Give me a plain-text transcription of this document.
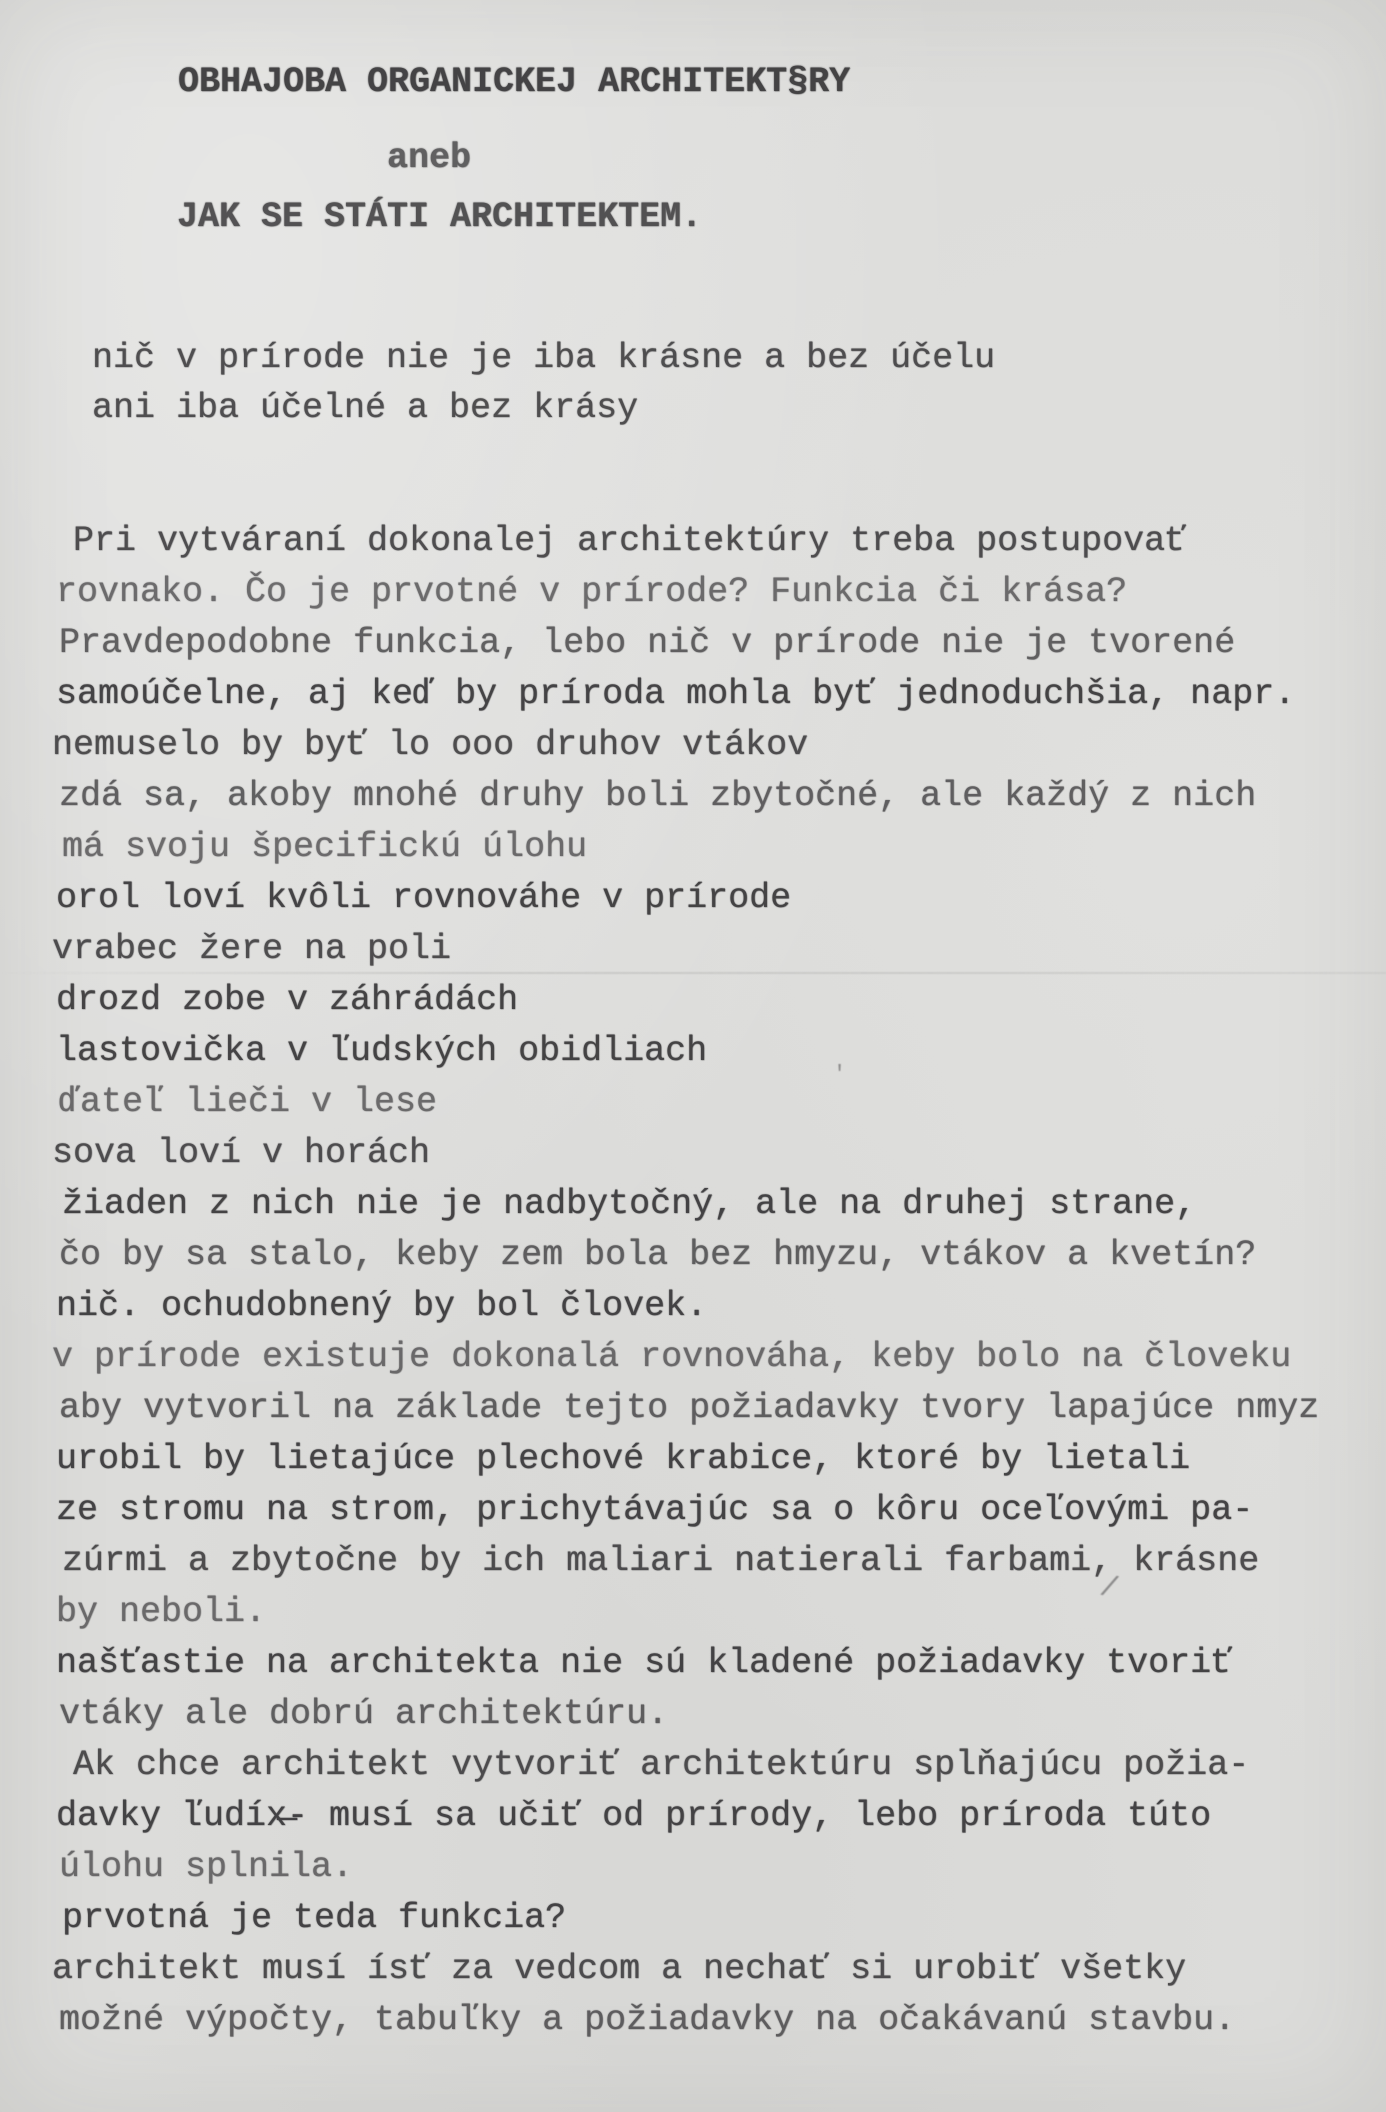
OBHAJOBA ORGANICKEJ ARCHITEKT§RY
aneb
JAK SE STÁTI ARCHITEKTEM.
nič v prírode nie je iba krásne a bez účelu
ani iba účelné a bez krásy
Pri vytváraní dokonalej architektúry treba postupovať
rovnako. Čo je prvotné v prírode? Funkcia či krása?
Pravdepodobne funkcia, lebo nič v prírode nie je tvorené
samoúčelne, aj keď by príroda mohla byť jednoduchšia, napr.
nemuselo by byť lo ooo druhov vtákov
zdá sa, akoby mnohé druhy boli zbytočné, ale každý z nich
má svoju špecifickú úlohu
orol loví kvôli rovnováhe v prírode
vrabec žere na poli
drozd zobe v záhrádách
lastovička v ľudských obidliach
ďateľ lieči v lese
sova loví v horách
žiaden z nich nie je nadbytočný, ale na druhej strane,
čo by sa stalo, keby zem bola bez hmyzu, vtákov a kvetín?
nič. ochudobnený by bol človek.
v prírode existuje dokonalá rovnováha, keby bolo na človeku
aby vytvoril na základe tejto požiadavky tvory lapajúce nmyz
urobil by lietajúce plechové krabice, ktoré by lietali
ze stromu na strom, prichytávajúc sa o kôru oceľovými pa-
zúrmi a zbytočne by ich maliari natierali farbami, krásne
by neboli.
našťastie na architekta nie sú kladené požiadavky tvoriť
vtáky ale dobrú architektúru.
Ak chce architekt vytvoriť architektúru splňajúcu požia-
davky ľudíx̶- musí sa učiť od prírody, lebo príroda túto
úlohu splnila.
prvotná je teda funkcia?
architekt musí ísť za vedcom a nechať si urobiť všetky
možné výpočty, tabuľky a požiadavky na očakávanú stavbu.
/
'
